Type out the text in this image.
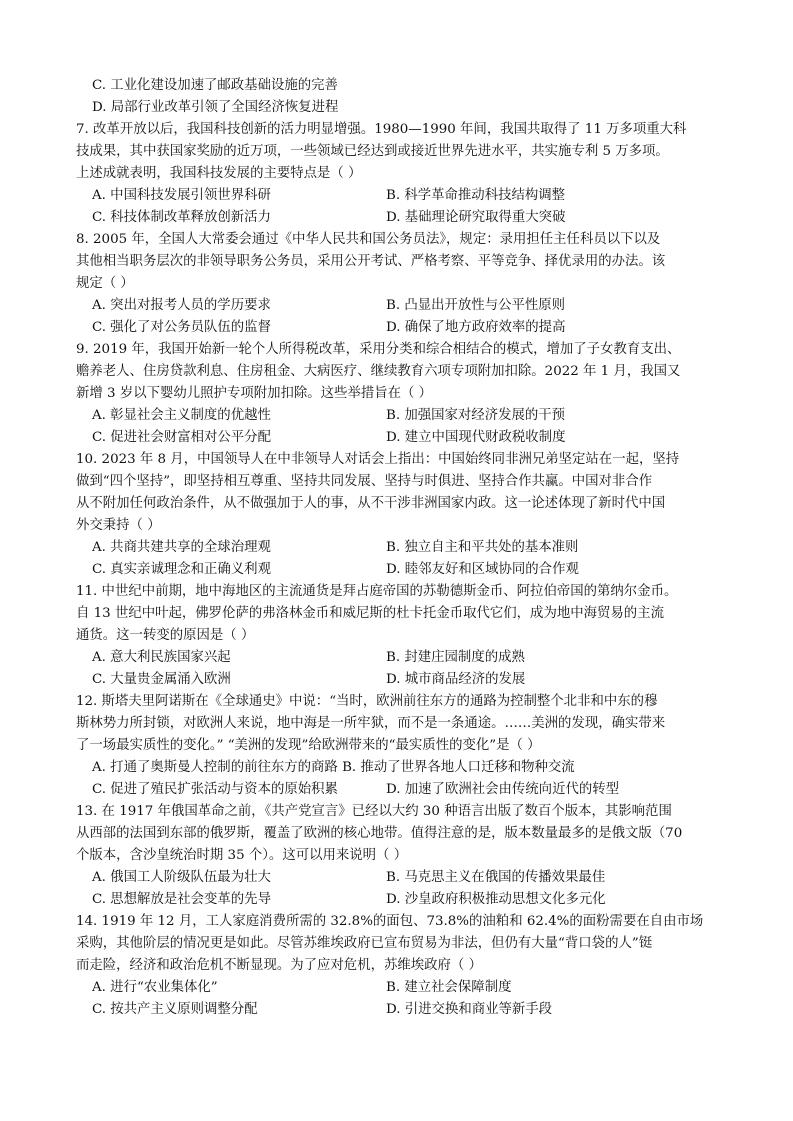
C. 工业化建设加速了邮政基础设施的完善
D. 局部行业改革引领了全国经济恢复进程
7. 改革开放以后，我国科技创新的活力明显增强。1980—1990 年间，我国共取得了 11 万多项重大科
技成果，其中获国家奖励的近万项，一些领域已经达到或接近世界先进水平，共实施专利 5 万多项。
上述成就表明，我国科技发展的主要特点是（ ）
A. 中国科技发展引领世界科研	B. 科学革命推动科技结构调整
C. 科技体制改革释放创新活力	D. 基础理论研究取得重大突破
8. 2005 年，全国人大常委会通过《中华人民共和国公务员法》，规定：录用担任主任科员以下以及
其他相当职务层次的非领导职务公务员，采用公开考试、严格考察、平等竞争、择优录用的办法。该
规定（ ）
A. 突出对报考人员的学历要求	B. 凸显出开放性与公平性原则
C. 强化了对公务员队伍的监督	D. 确保了地方政府效率的提高
9. 2019 年，我国开始新一轮个人所得税改革，采用分类和综合相结合的模式，增加了子女教育支出、
赡养老人、住房贷款利息、住房租金、大病医疗、继续教育六项专项附加扣除。2022 年 1 月，我国又
新增 3 岁以下婴幼儿照护专项附加扣除。这些举措旨在（ ）
A. 彰显社会主义制度的优越性	B. 加强国家对经济发展的干预
C. 促进社会财富相对公平分配	D. 建立中国现代财政税收制度
10. 2023 年 8 月，中国领导人在中非领导人对话会上指出：中国始终同非洲兄弟坚定站在一起，坚持
做到“四个坚持”，即坚持相互尊重、坚持共同发展、坚持与时俱进、坚持合作共赢。中国对非合作
从不附加任何政治条件，从不做强加于人的事，从不干涉非洲国家内政。这一论述体现了新时代中国
外交秉持（ ）
A. 共商共建共享的全球治理观	B. 独立自主和平共处的基本准则
C. 真实亲诚理念和正确义利观	D. 睦邻友好和区域协同的合作观
11. 中世纪中前期，地中海地区的主流通货是拜占庭帝国的苏勒德斯金币、阿拉伯帝国的第纳尔金币。
自 13 世纪中叶起，佛罗伦萨的弗洛林金币和威尼斯的杜卡托金币取代它们，成为地中海贸易的主流
通货。这一转变的原因是（ ）
A. 意大利民族国家兴起	B. 封建庄园制度的成熟
C. 大量贵金属涌入欧洲	D. 城市商品经济的发展
12. 斯塔夫里阿诺斯在《全球通史》中说：“当时，欧洲前往东方的通路为控制整个北非和中东的穆
斯林势力所封锁，对欧洲人来说，地中海是一所牢狱，而不是一条通途。……美洲的发现，确实带来
了一场最实质性的变化。” “美洲的发现”给欧洲带来的“最实质性的变化”是（ ）
A. 打通了奥斯曼人控制的前往东方的商路 B. 推动了世界各地人口迁移和物种交流
C. 促进了殖民扩张活动与资本的原始积累	D. 加速了欧洲社会由传统向近代的转型
13. 在 1917 年俄国革命之前，《共产党宣言》已经以大约 30 种语言出版了数百个版本，其影响范围
从西部的法国到东部的俄罗斯，覆盖了欧洲的核心地带。值得注意的是，版本数量最多的是俄文版（70
个版本，含沙皇统治时期 35 个）。这可以用来说明（ ）
A. 俄国工人阶级队伍最为壮大	B. 马克思主义在俄国的传播效果最佳
C. 思想解放是社会变革的先导	D. 沙皇政府积极推动思想文化多元化
14. 1919 年 12 月，工人家庭消费所需的 32.8%的面包、73.8%的油粕和 62.4%的面粉需要在自由市场
采购，其他阶层的情况更是如此。尽管苏维埃政府已宣布贸易为非法，但仍有大量“背口袋的人”铤
而走险，经济和政治危机不断显现。为了应对危机，苏维埃政府（ ）
A. 进行“农业集体化”	B. 建立社会保障制度
C. 按共产主义原则调整分配	D. 引进交换和商业等新手段
